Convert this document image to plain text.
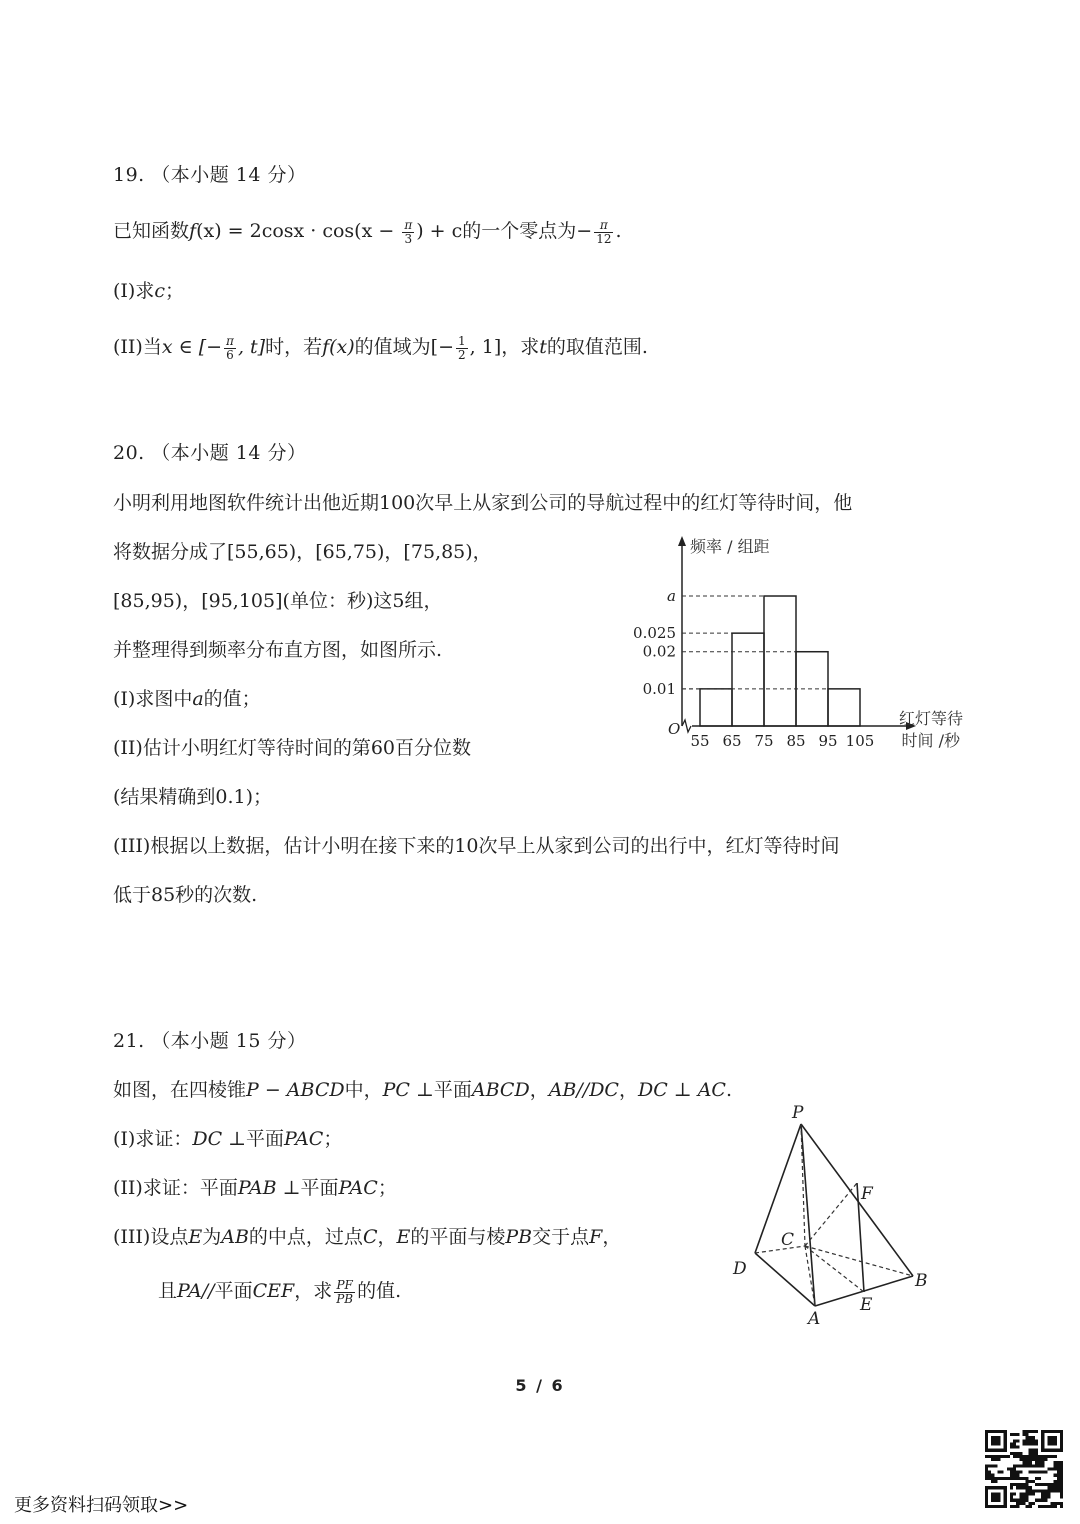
19. （本小题 14 分）
已知函数$f(x) = 2\cos x \cdot \cos(x - \frac{\pi}{3}$ ) + c的一个零点为− $\frac{\pi}{12}$ .
(I)求c；
(II)当x ∈ [− $\frac{\pi}{6}$ , t]时，若f(x)的值域为[− $\frac{1}{2}$ , 1]，求t的取值范围.
20. （本小题 14 分）
小明利用地图软件统计出他近期100次早上从家到公司的导航过程中的红灯等待时间，他
将数据分成了[55,65)，[65,75)，[75,85)，
[85,95)，[95,105](单位：秒)这5组，
并整理得到频率分布直方图，如图所示.
(I)求图中a的值；
(II)估计小明红灯等待时间的第60百分位数
(结果精确到0.1)；
(III)根据以上数据，估计小明在接下来的10次早上从家到公司的出行中，红灯等待时间
低于85秒的次数.
a
0.025
0.02
0.01
55 65 75 85 95 105
O
频率 / 组距
红灯等待
时间 /秒
21. （本小题 15 分）
如图，在四棱锥P − ABCD中，PC ⊥平面ABCD，AB//DC，DC ⊥ AC.
(I)求证：DC ⊥平面PAC；
(II)求证：平面PAB ⊥平面PAC；
(III)设点E为AB的中点，过点C，E的平面与棱PB交于点F，
且PA//平面CEF，求 $\frac{PF}{PB}$ 的值.
P
F
C
D
B
A
E
5 / 6
更多资料扫码领取>>
